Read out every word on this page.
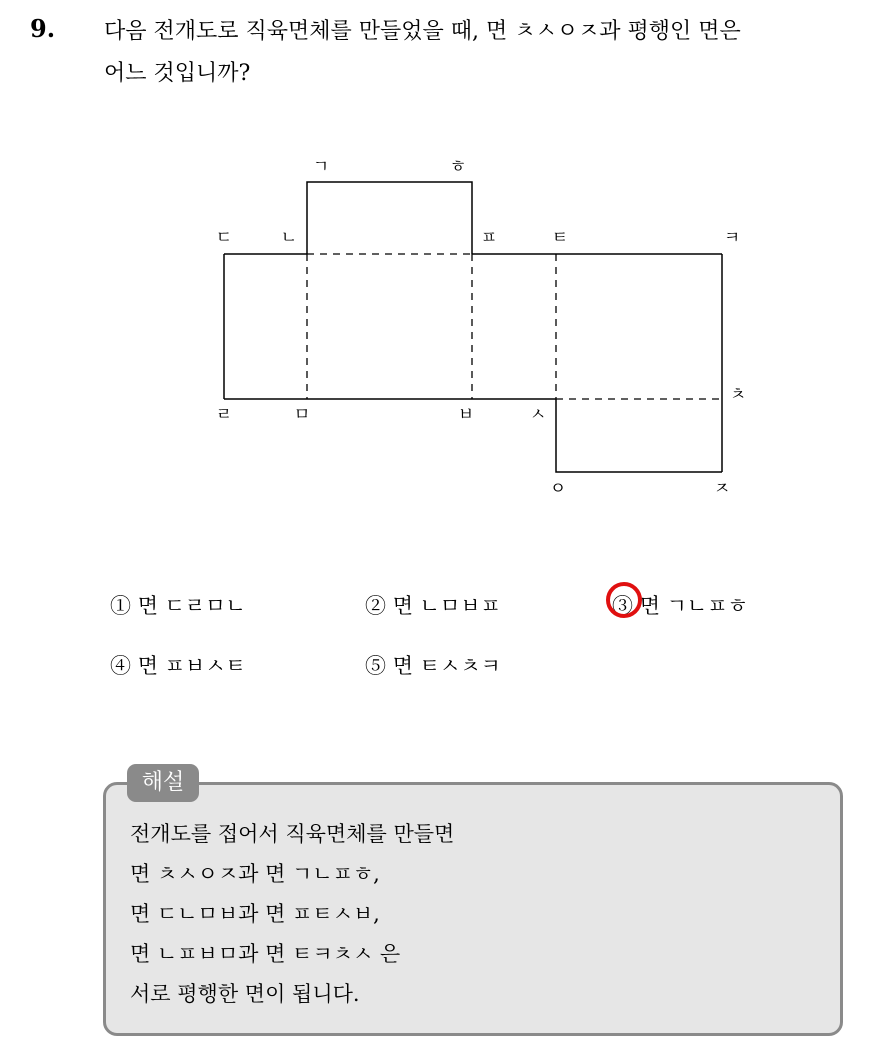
9. 다음 전개도로 직육면체를 만들었을 때, 면 ㅊㅅㅇㅈ과 평행인 면은
어느 것입니까?
ㄱ	ㅎ
ㄷ	ㄴ	ㅍ	ㅌ	ㅋ
ㄹ	ㅁ	ㅂ	ㅅ
ㅊ
ㅇ	ㅈ
① 면 ㄷㄹㅁㄴ	② 면 ㄴㅁㅂㅍ	③ 면 ㄱㄴㅍㅎ
④ 면 ㅍㅂㅅㅌ	⑤ 면 ㅌㅅㅊㅋ
해설
전개도를 접어서 직육면체를 만들면
면 ㅊㅅㅇㅈ과 면 ㄱㄴㅍㅎ,
면 ㄷㄴㅁㅂ과 면 ㅍㅌㅅㅂ,
면 ㄴㅍㅂㅁ과 면 ㅌㅋㅊㅅ 은
서로 평행한 면이 됩니다.
